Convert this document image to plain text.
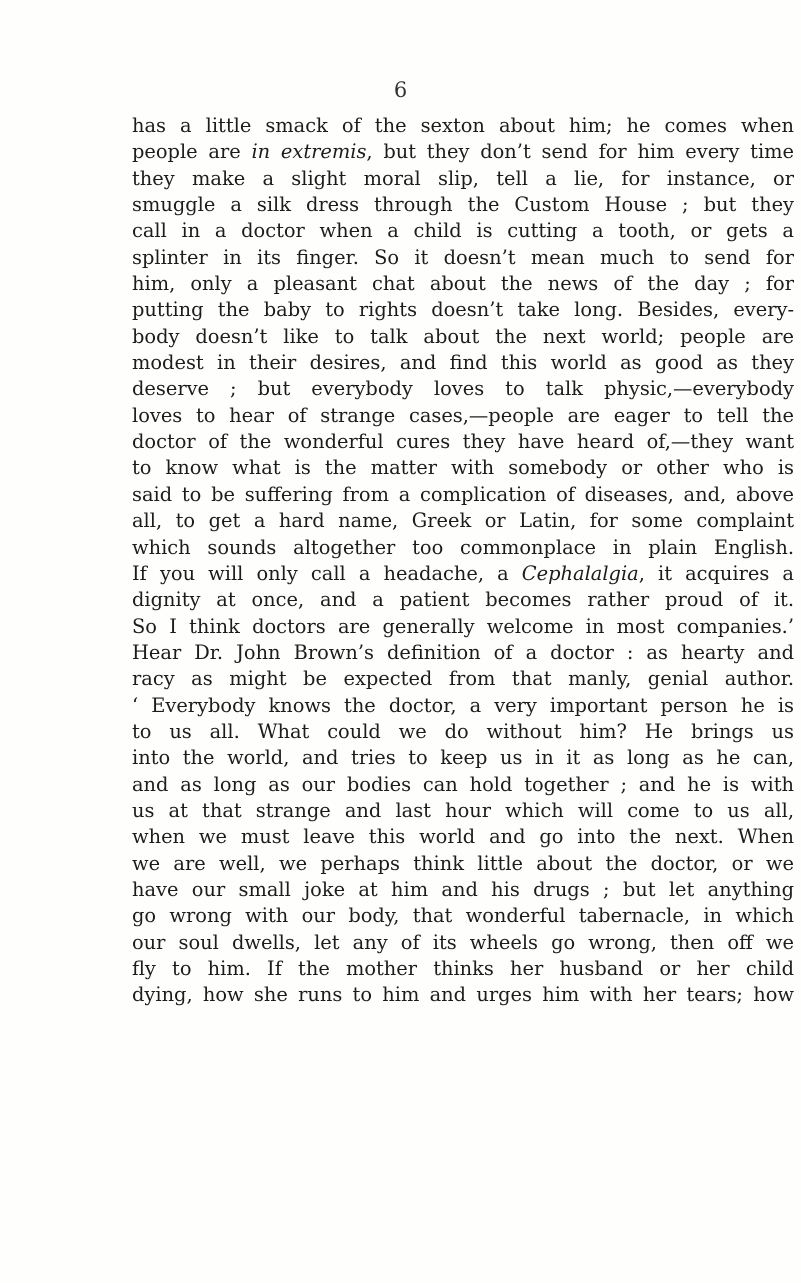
6
has a little smack of the sexton about him; he comes when
people are in extremis, but they don’t send for him every time
they make a slight moral slip, tell a lie, for instance, or
smuggle a silk dress through the Custom House ; but they
call in a doctor when a child is cutting a tooth, or gets a
splinter in its finger. So it doesn’t mean much to send for
him, only a pleasant chat about the news of the day ; for
putting the baby to rights doesn’t take long. Besides, every-
body doesn’t like to talk about the next world; people are
modest in their desires, and find this world as good as they
deserve ; but everybody loves to talk physic,—everybody
loves to hear of strange cases,—people are eager to tell the
doctor of the wonderful cures they have heard of,—they want
to know what is the matter with somebody or other who is
said to be suffering from a complication of diseases, and, above
all, to get a hard name, Greek or Latin, for some complaint
which sounds altogether too commonplace in plain English.
If you will only call a headache, a Cephalalgia, it acquires a
dignity at once, and a patient becomes rather proud of it.
So I think doctors are generally welcome in most companies.’
Hear Dr. John Brown’s definition of a doctor : as hearty and
racy as might be expected from that manly, genial author.
‘ Everybody knows the doctor, a very important person he is
to us all. What could we do without him? He brings us
into the world, and tries to keep us in it as long as he can,
and as long as our bodies can hold together ; and he is with
us at that strange and last hour which will come to us all,
when we must leave this world and go into the next. When
we are well, we perhaps think little about the doctor, or we
have our small joke at him and his drugs ; but let anything
go wrong with our body, that wonderful tabernacle, in which
our soul dwells, let any of its wheels go wrong, then off we
fly to him. If the mother thinks her husband or her child
dying, how she runs to him and urges him with her tears; how
